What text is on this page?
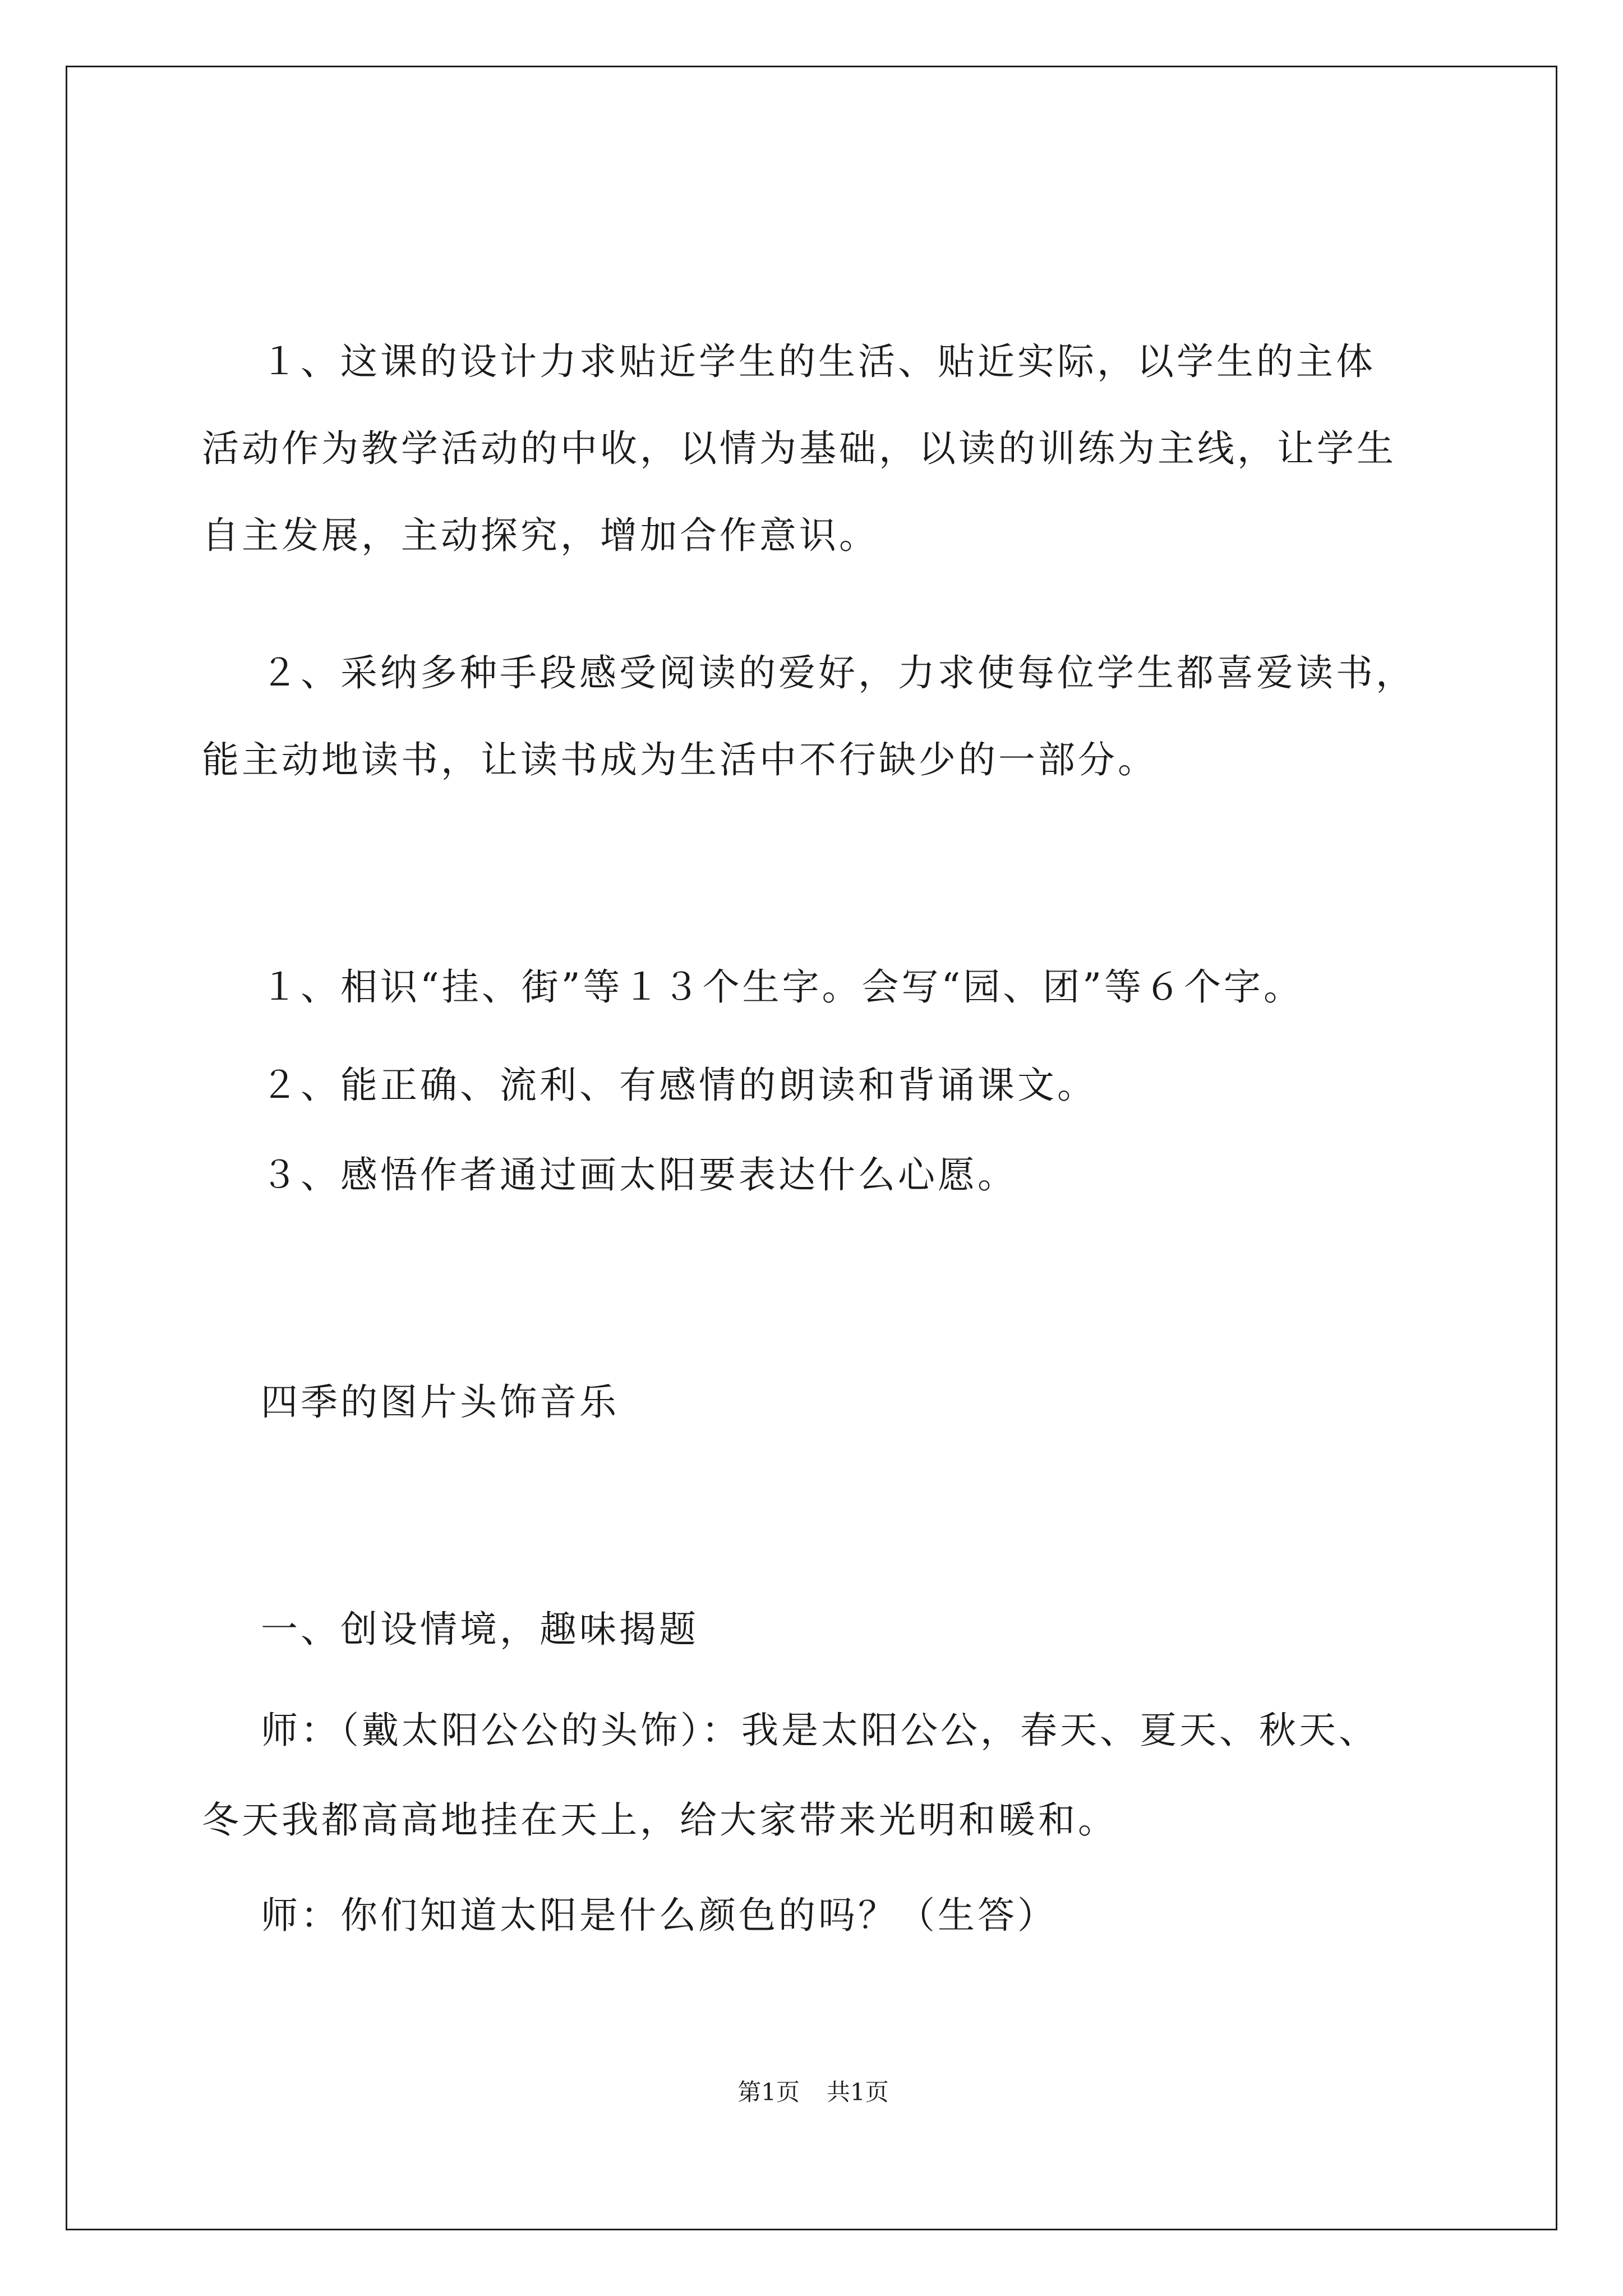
１、这课的设计力求贴近学生的生活、贴近实际，以学生的主体
活动作为教学活动的中收，以情为基础，以读的训练为主线，让学生
自主发展，主动探究，增加合作意识。
２、采纳多种手段感受阅读的爱好，力求使每位学生都喜爱读书，
能主动地读书，让读书成为生活中不行缺少的一部分。
１、相识“挂、街”等１３个生字。会写“园、团”等６个字。
２、能正确、流利、有感情的朗读和背诵课文。
３、感悟作者通过画太阳要表达什么心愿。
四季的图片头饰音乐
一、创设情境，趣味揭题
师：（戴太阳公公的头饰）：我是太阳公公，春天、夏天、秋天、
冬天我都高高地挂在天上，给大家带来光明和暖和。
师：你们知道太阳是什么颜色的吗？（生答）
第1页 共1页
